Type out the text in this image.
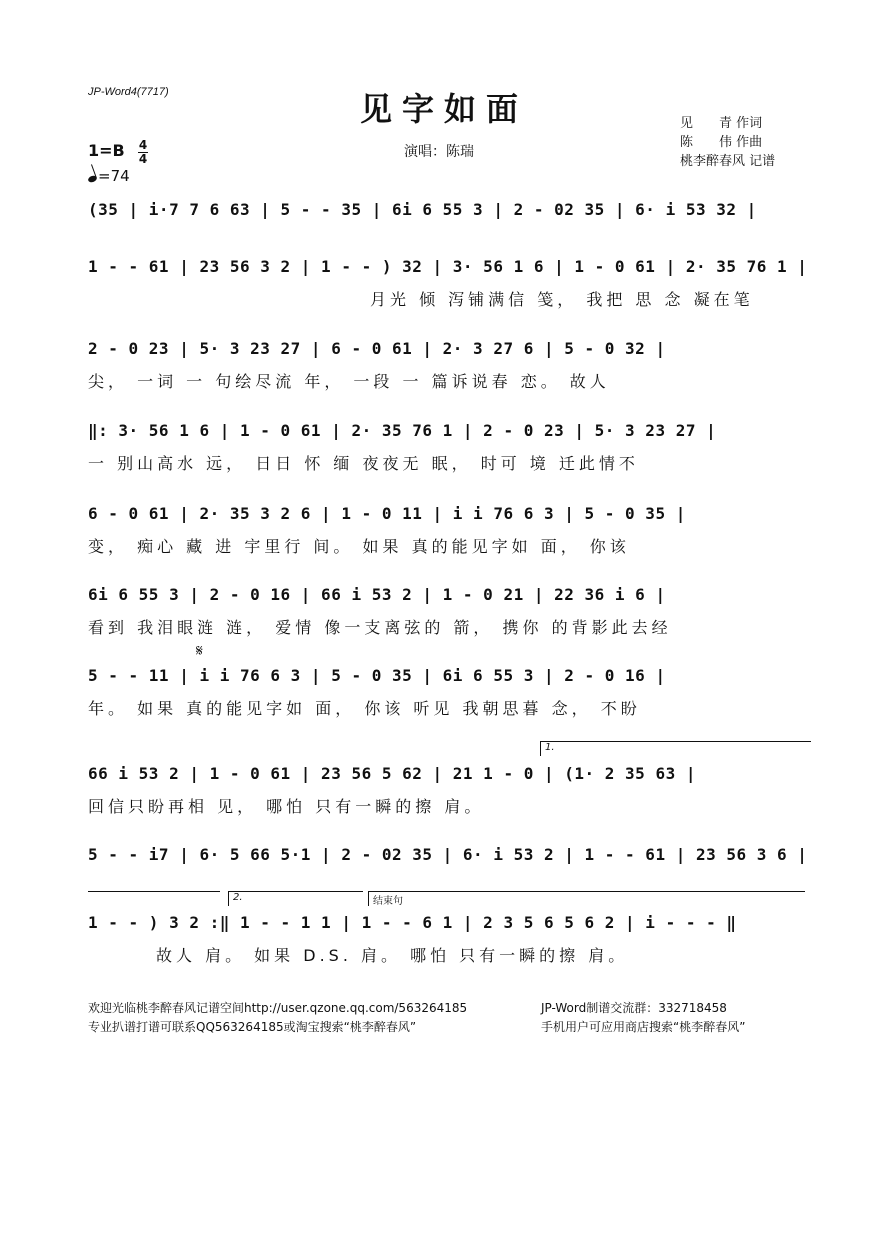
JP-Word4(7717)	见字如面
演唱：陈瑞
见　　青 作词
陈　　伟 作曲
桃李醉春风 记谱
1=B 4
4
=74
(35 | i·7 7 6 63 | 5 - - 35 | 6i 6 55 3 | 2 - 02 35 | 6· i 53 32 |
1 - - 61 | 23 56 3 2 | 1 - - ) 32 | 3· 56 1 6 | 1 - 0 61 | 2· 35 76 1 |
月光 倾 泻铺满信 笺， 我把 思 念 凝在笔
2 - 0 23 | 5· 3 23 27 | 6 - 0 61 | 2· 3 27 6 | 5 - 0 32 |
尖， 一词 一 句绘尽流 年， 一段 一 篇诉说春 恋。 故人
‖: 3· 56 1 6 | 1 - 0 61 | 2· 35 76 1 | 2 - 0 23 | 5· 3 23 27 |
一 别山高水 远， 日日 怀 缅 夜夜无 眠， 时可 境 迁此情不
6 - 0 61 | 2· 35 3 2 6 | 1 - 0 11 | i i 76 6 3 | 5 - 0 35 |
变， 痴心 藏 进 宇里行 间。 如果 真的能见字如 面， 你该
6i 6 55 3 | 2 - 0 16 | 66 i 53 2 | 1 - 0 21 | 22 36 i 6 |
看到 我泪眼涟 涟， 爱情 像一支离弦的 箭， 携你 的背影此去经
𝄋
5 - - 11 | i i 76 6 3 | 5 - 0 35 | 6i 6 55 3 | 2 - 0 16 |
年。 如果 真的能见字如 面， 你该 听见 我朝思暮 念， 不盼
1.
66 i 53 2 | 1 - 0 61 | 23 56 5 62 | 21 1 - 0 | (1· 2 35 63 |
回信只盼再相 见， 哪怕 只有一瞬的擦 肩。
5 - - i7 | 6· 5 66 5·1 | 2 - 02 35 | 6· i 53 2 | 1 - - 61 | 23 56 3 6 |
2.	结束句
1 - - ) 3 2 :‖ 1 - - 1 1 | 1 - - 6 1 | 2 3 5 6 5 6 2 | i - - - ‖
故人 肩。 如果 D.S. 肩。 哪怕 只有一瞬的擦 肩。
欢迎光临桃李醉春风记谱空间http://user.qzone.qq.com/563264185	JP-Word制谱交流群：332718458
专业扒谱打谱可联系QQ563264185或淘宝搜索“桃李醉春风”	手机用户可应用商店搜索“桃李醉春风”
